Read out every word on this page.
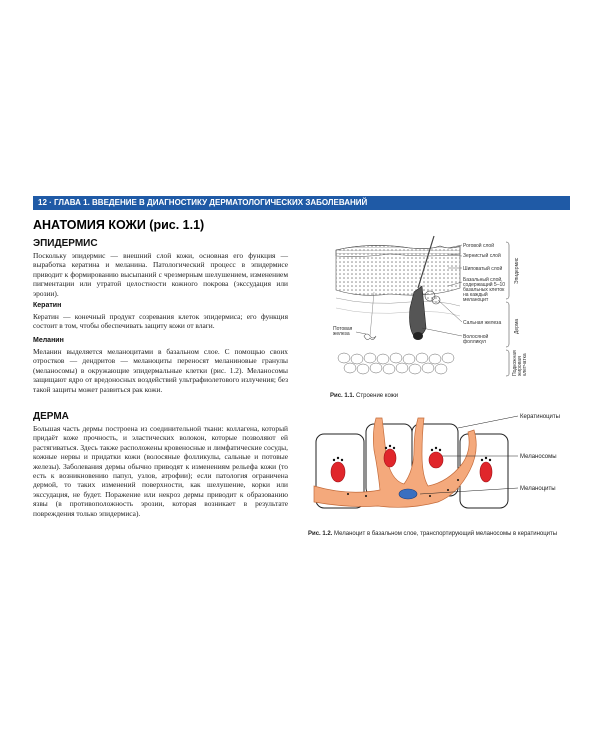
12 · ГЛАВА 1. ВВЕДЕНИЕ В ДИАГНОСТИКУ ДЕРМАТОЛОГИЧЕСКИХ ЗАБОЛЕВАНИЙ
АНАТОМИЯ КОЖИ (рис. 1.1)
ЭПИДЕРМИС

Поскольку эпидермис — внешний слой кожи, основная его функция — выработка кератина и меланина. Патологический процесс в эпидермисе приводит к формированию высыпаний с чрезмерным шелушением, изменением пигментации или утратой целостности кожного покрова (экссудация или эрозии).

Кератин

Кератин — конечный продукт созревания клеток эпидермиса; его функция состоит в том, чтобы обеспечивать защиту кожи от влаги.

Меланин

Меланин выделяется меланоцитами в базальном слое. С помощью своих отростков — дендритов — меланоциты переносят меланиновые гранулы (меланосомы) в окружающие эпидермальные клетки (рис. 1.2). Меланосомы защищают ядро от вредоносных воздействий ультрафиолетового излучения; без такой защиты может развиться рак кожи.

ДЕРМА

Большая часть дермы построена из соединительной ткани: коллагена, который придаёт коже прочность, и эластических волокон, которые позволяют ей растягиваться. Здесь также расположены кровеносные и лимфатические сосуды, кожные нервы и придатки кожи (волосяные фолликулы, сальные и потовые железы). Заболевания дермы обычно приводят к изменениям рельефа кожи (то есть к возникновению папул, узлов, атрофии); если патология ограничена дермой, то таких изменений поверхности, как шелушение, корки или экссудация, не будет. Поражение или некроз дермы приводит к образованию язвы (в противоположность эрозии, которая возникает в результате повреждения только эпидермиса).

Роговой слой
Зернистый слой
Шиповатый слой
Базальный слой,
содержащий 5–10
базальных клеток
на каждый
меланоцит
Сальная железа
Волосяной
фолликул
Потовая
железа
Эпидермис
Дерма
Подкожная жировая клетчатка
Рис. 1.1. Строение кожи
Кератиноциты
Меланосомы
Меланоциты
Рис. 1.2. Меланоцит в базальном слое, транспортирующий меланосомы в кератиноциты
